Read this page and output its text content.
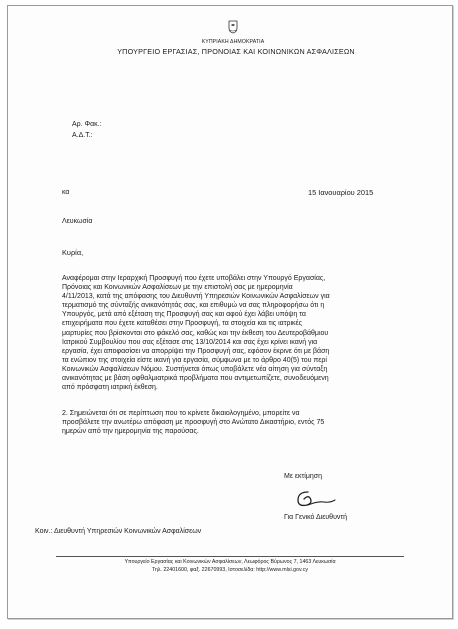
ΚΥΠΡΙΑΚΗ ΔΗΜΟΚΡΑΤΙΑ
ΥΠΟΥΡΓΕΙΟ ΕΡΓΑΣΙΑΣ, ΠΡΟΝΟΙΑΣ ΚΑΙ ΚΟΙΝΩΝΙΚΩΝ ΑΣΦΑΛΙΣΕΩΝ
Αρ. Φακ.:
Α.Δ.Τ.:
κα	15 Ιανουαρίου 2015
Λευκωσία
Κυρία,
Αναφέρομαι στην Ιεραρχική Προσφυγή που έχετε υποβάλει στην Υπουργό Εργασίας,
Πρόνοιας και Κοινωνικών Ασφαλίσεων με την επιστολή σας με ημερομηνία
4/11/2013, κατά της απόφασης του Διευθυντή Υπηρεσιών Κοινωνικών Ασφαλίσεων για
τερματισμό της σύνταξής ανικανότητάς σας, και επιθυμώ να σας πληροφορήσω ότι η
Υπουργός, μετά από εξέταση της Προσφυγή σας και αφού έχει λάβει υπόψη τα
επιχειρήματα που έχετε καταθέσει στην Προσφυγή, τα στοιχεία και τις ιατρικές
μαρτυρίες που βρίσκονται στο φάκελό σας, καθώς και την έκθεση του Δευτεροβάθμιου
Ιατρικού Συμβουλίου που σας εξέτασε στις 13/10/2014 και σας έχει κρίνει ικανή για
εργασία, έχει αποφασίσει να απορρίψει την Προσφυγή σας, εφόσον έκρινε ότι με βάση
τα ενώπιον της στοιχεία είστε ικανή για εργασία, σύμφωνα με το άρθρο 40(5) του περί
Κοινωνικών Ασφαλίσεων Νόμου. Συστήνεται όπως υποβάλετε νέα αίτηση για σύνταξη
ανικανότητας με βάση οφθαλμιατρικά προβλήματα που αντιμετωπίζετε, συνοδευόμενη
από πρόσφατη ιατρική έκθεση.
2. Σημειώνεται ότι σε περίπτωση που το κρίνετε δικαιολογημένο, μπορείτε να
προσβάλετε την ανωτέρω απόφαση με προσφυγή στο Ανώτατο Δικαστήριο, εντός 75
ημερών από την ημερομηνία της παρούσας.
Με εκτίμηση
Για Γενικό Διευθυντή
Κοιν.: Διευθυντή Υπηρεσιών Κοινωνικών Ασφαλίσεων
Υπουργείο Εργασίας και Κοινωνικών Ασφαλίσεων, Λεωφόρος Βύρωνος 7, 1463 Λευκωσία
Τηλ. 22401600, φαξ. 22670993, Ιστοσελίδα: http://www.mlsi.gov.cy
